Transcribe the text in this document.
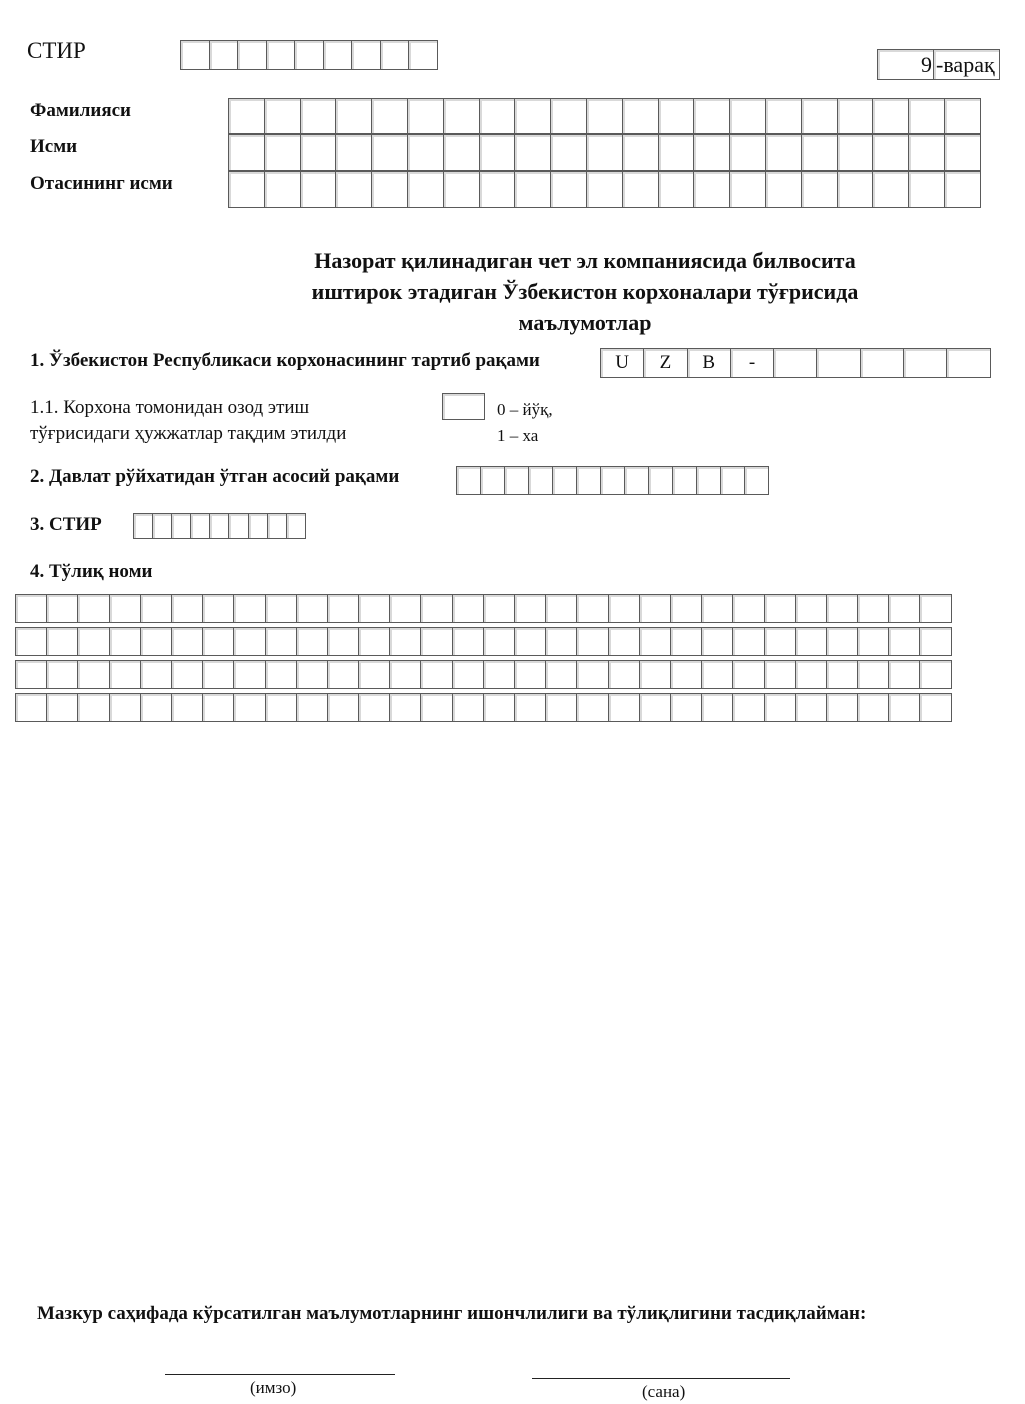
СТИР
9 -варақ
Фамилияси
Исми
Отасининг исми
Назорат қилинадиган чет эл компаниясида билвосита
иштирок этадиган Ўзбекистон корхоналари тўғрисида
маълумотлар
1. Ўзбекистон Республикаси корхонасининг тартиб рақами	U	Z	B	-
1.1. Корхона томонидан озод этиш
тўғрисидаги ҳужжатлар тақдим этилди
0 – йўқ,
1 – ха
2. Давлат рўйхатидан ўтган асосий рақами
3. СТИР
4. Тўлиқ номи
Мазкур саҳифада кўрсатилган маълумотларнинг ишончлилиги ва тўлиқлигини тасдиқлайман:
(имзо)	(сана)
